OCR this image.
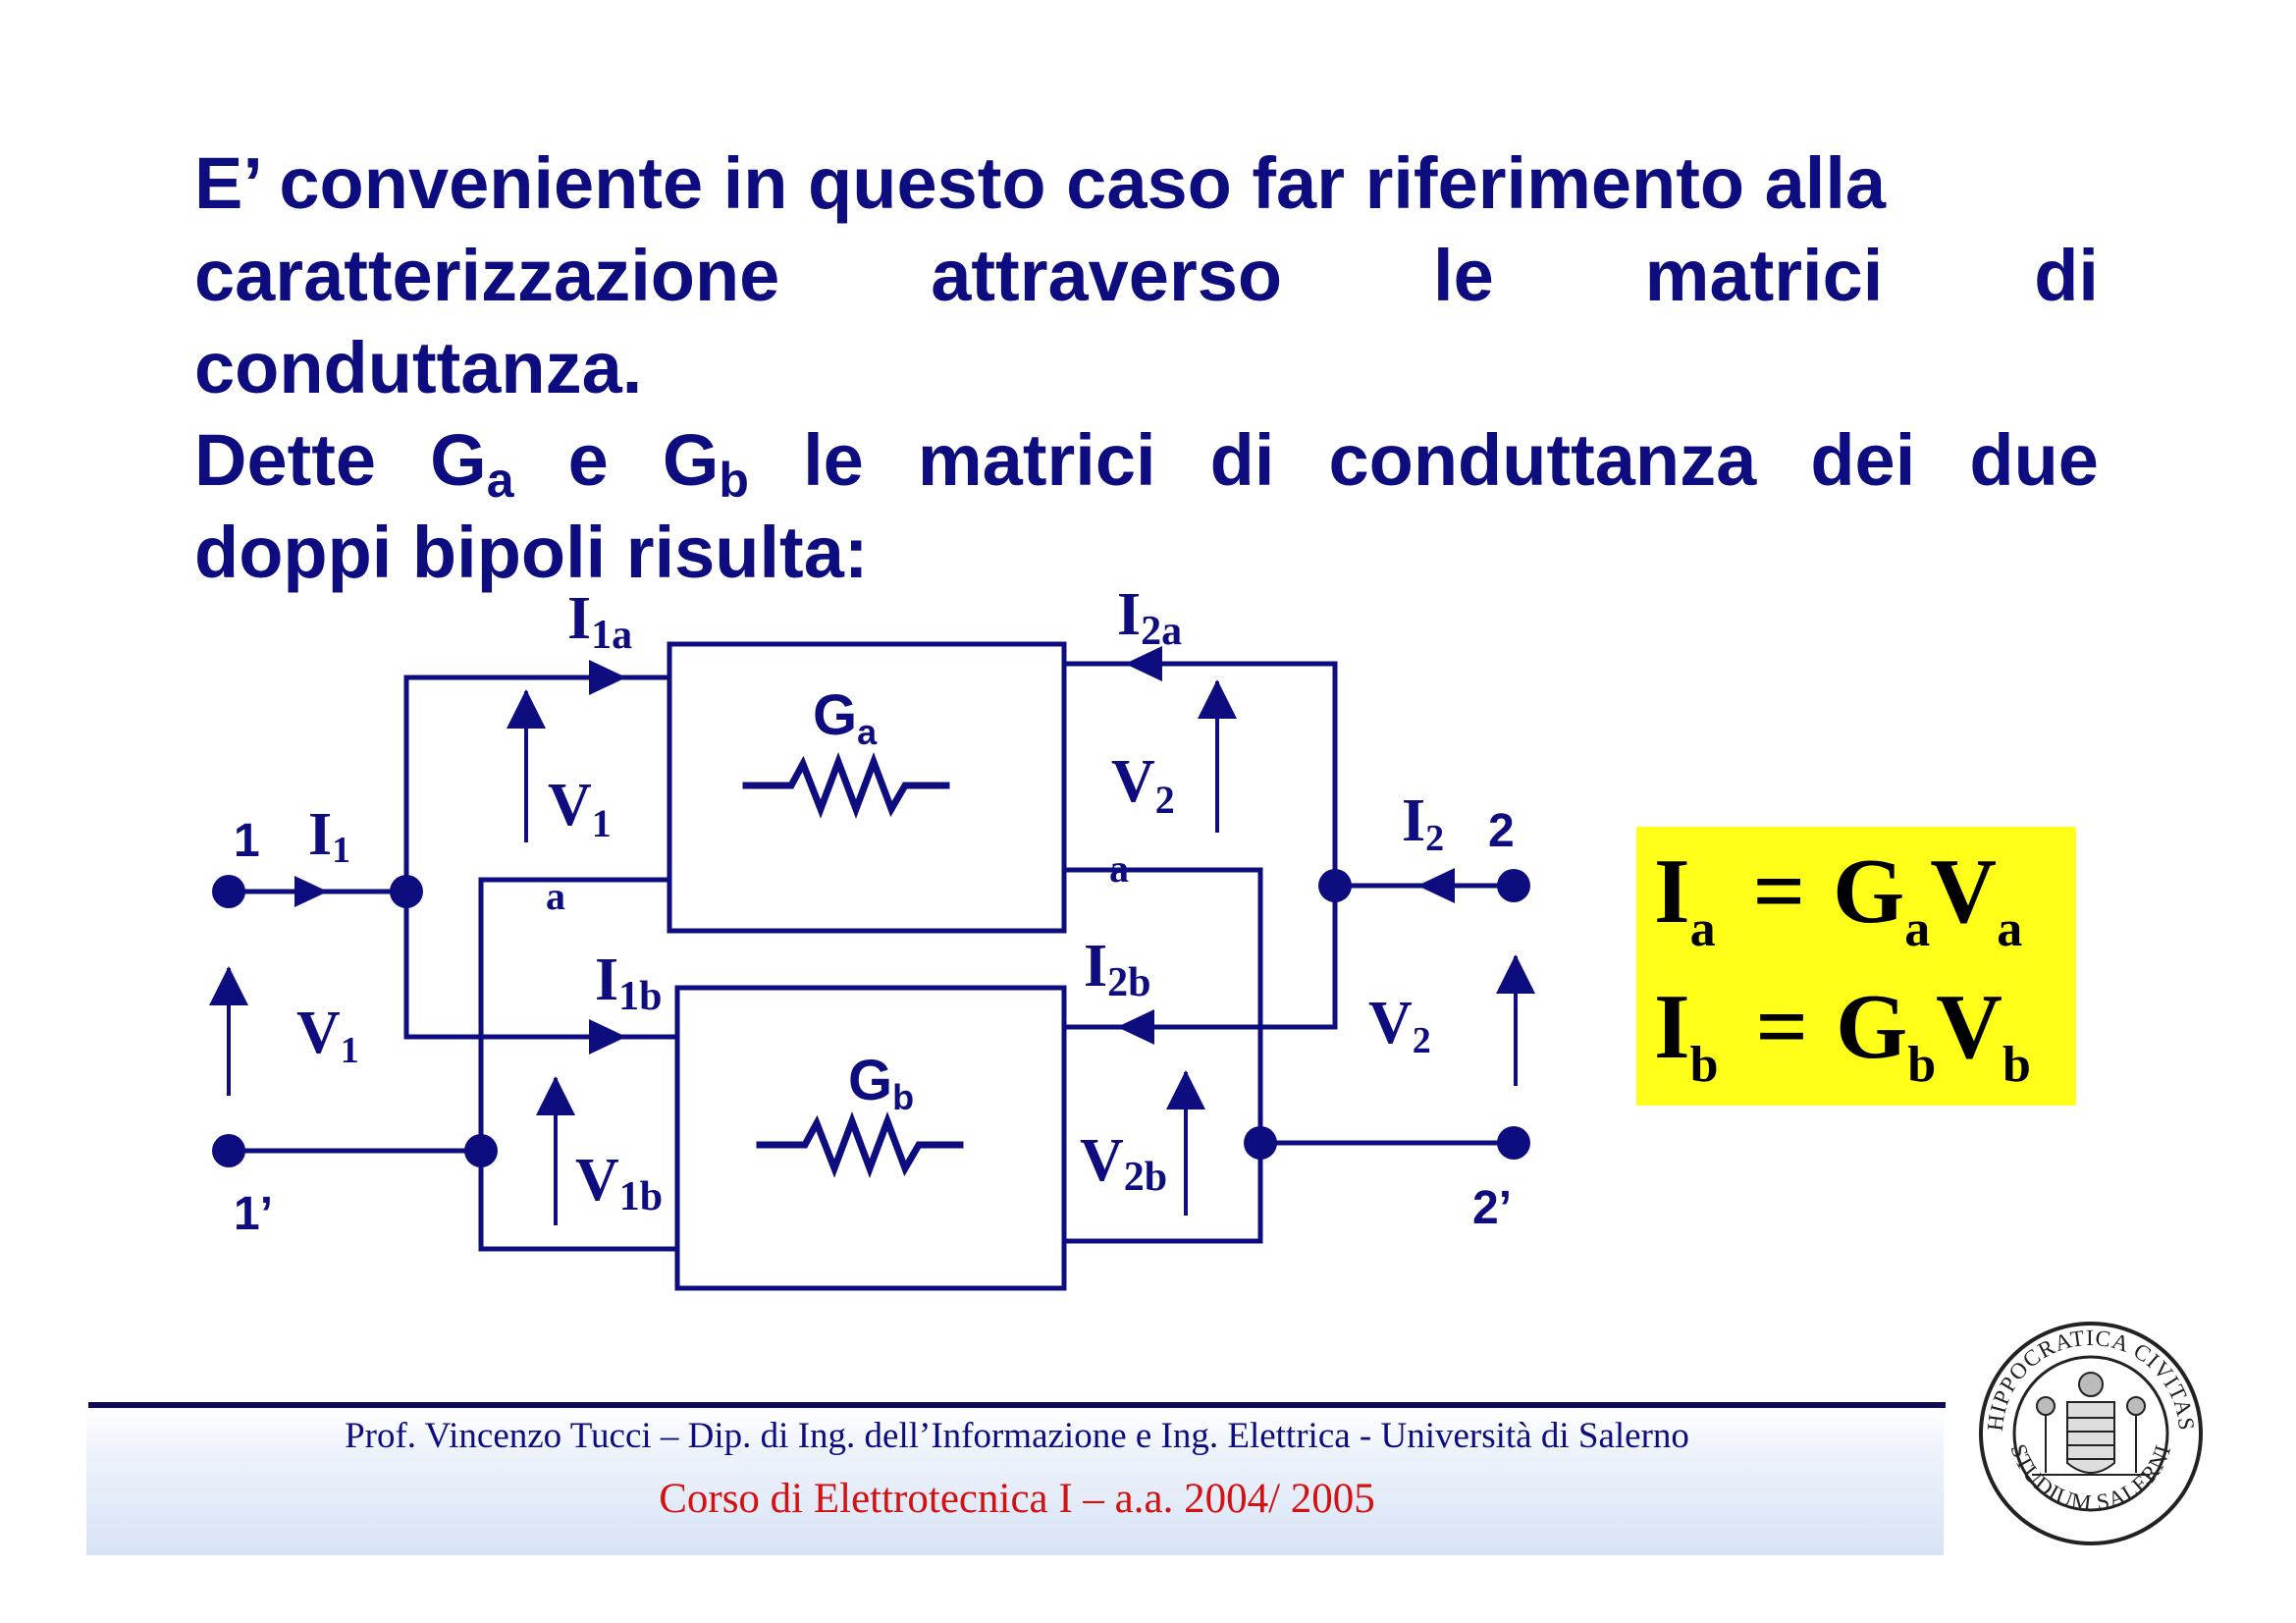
E’ conveniente in questo caso far riferimento alla
caratterizzazione attraverso le matrici di
conduttanza.
Dette $G_a$ e $G_b$ le matrici di conduttanza dei due
doppi bipoli risulta:
1
1’
2
2’
I1
V1
I2
V2
I1a	I2a
V1
a
V2
a
Ga
I1b	I2b
V1b
V2b
Gb
$I_a = G_aV_a$
$I_b = G_bV_b$
Prof. Vincenzo Tucci – Dip. di Ing. dell’Informazione e Ing. Elettrica - Università di Salerno
Corso di Elettrotecnica I – a.a. 2004/ 2005
HIPPOCRATICA CIVITAS
STUDIUM SALERNI
